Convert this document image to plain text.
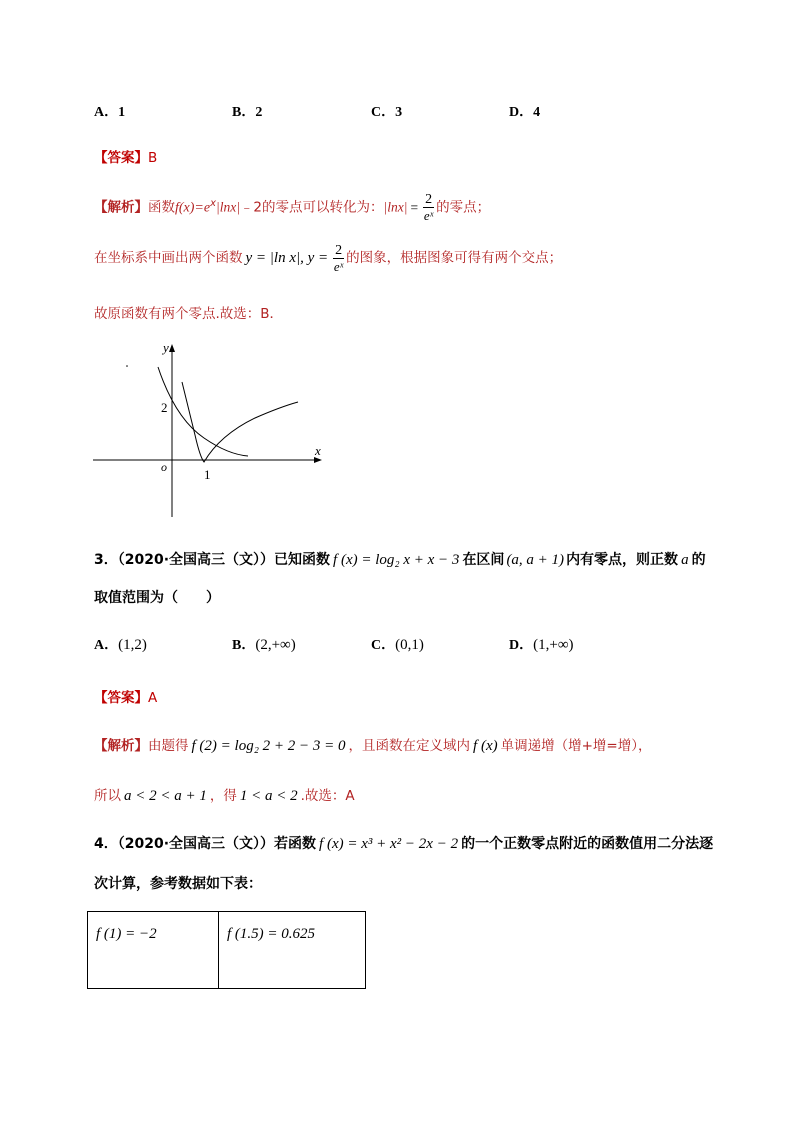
A．1	B．2	C．3	D．4
【答案】B
【解析】函数$f(x)=e^x|\ln x|﹣2$的零点可以转化为：$|\ln x| = \frac{2}{\text{eˣ}}$ 的零点；
在坐标系中画出两个函数 y = |ln x|, $y = \frac{2}{\text{eˣ}}$ 的图象，根据图象可得有两个交点；
故原函数有两个零点.故选：B．
y
x
2
o	1
3．（2020·全国高三（文））已知函数 f (x) = log₂ x + x − 3 在区间 (a, a + 1) 内有零点，则正数 a 的
取值范围为（　　）
A．(1,2)	B．(2,+∞)	C．(0,1)	D．(1,+∞)
【答案】A
【解析】由题得 f (2) = log₂ 2 + 2 − 3 = 0 ，且函数在定义域内 f (x) 单调递增（增+增=增），
所以 a < 2 < a + 1 ，得 1 < a < 2 .故选：A
4．（2020·全国高三（文））若函数 f (x) = x³ + x² − 2x − 2 的一个正数零点附近的函数值用二分法逐
次计算，参考数据如下表：
f (1) = −2	f (1.5) = 0.625
